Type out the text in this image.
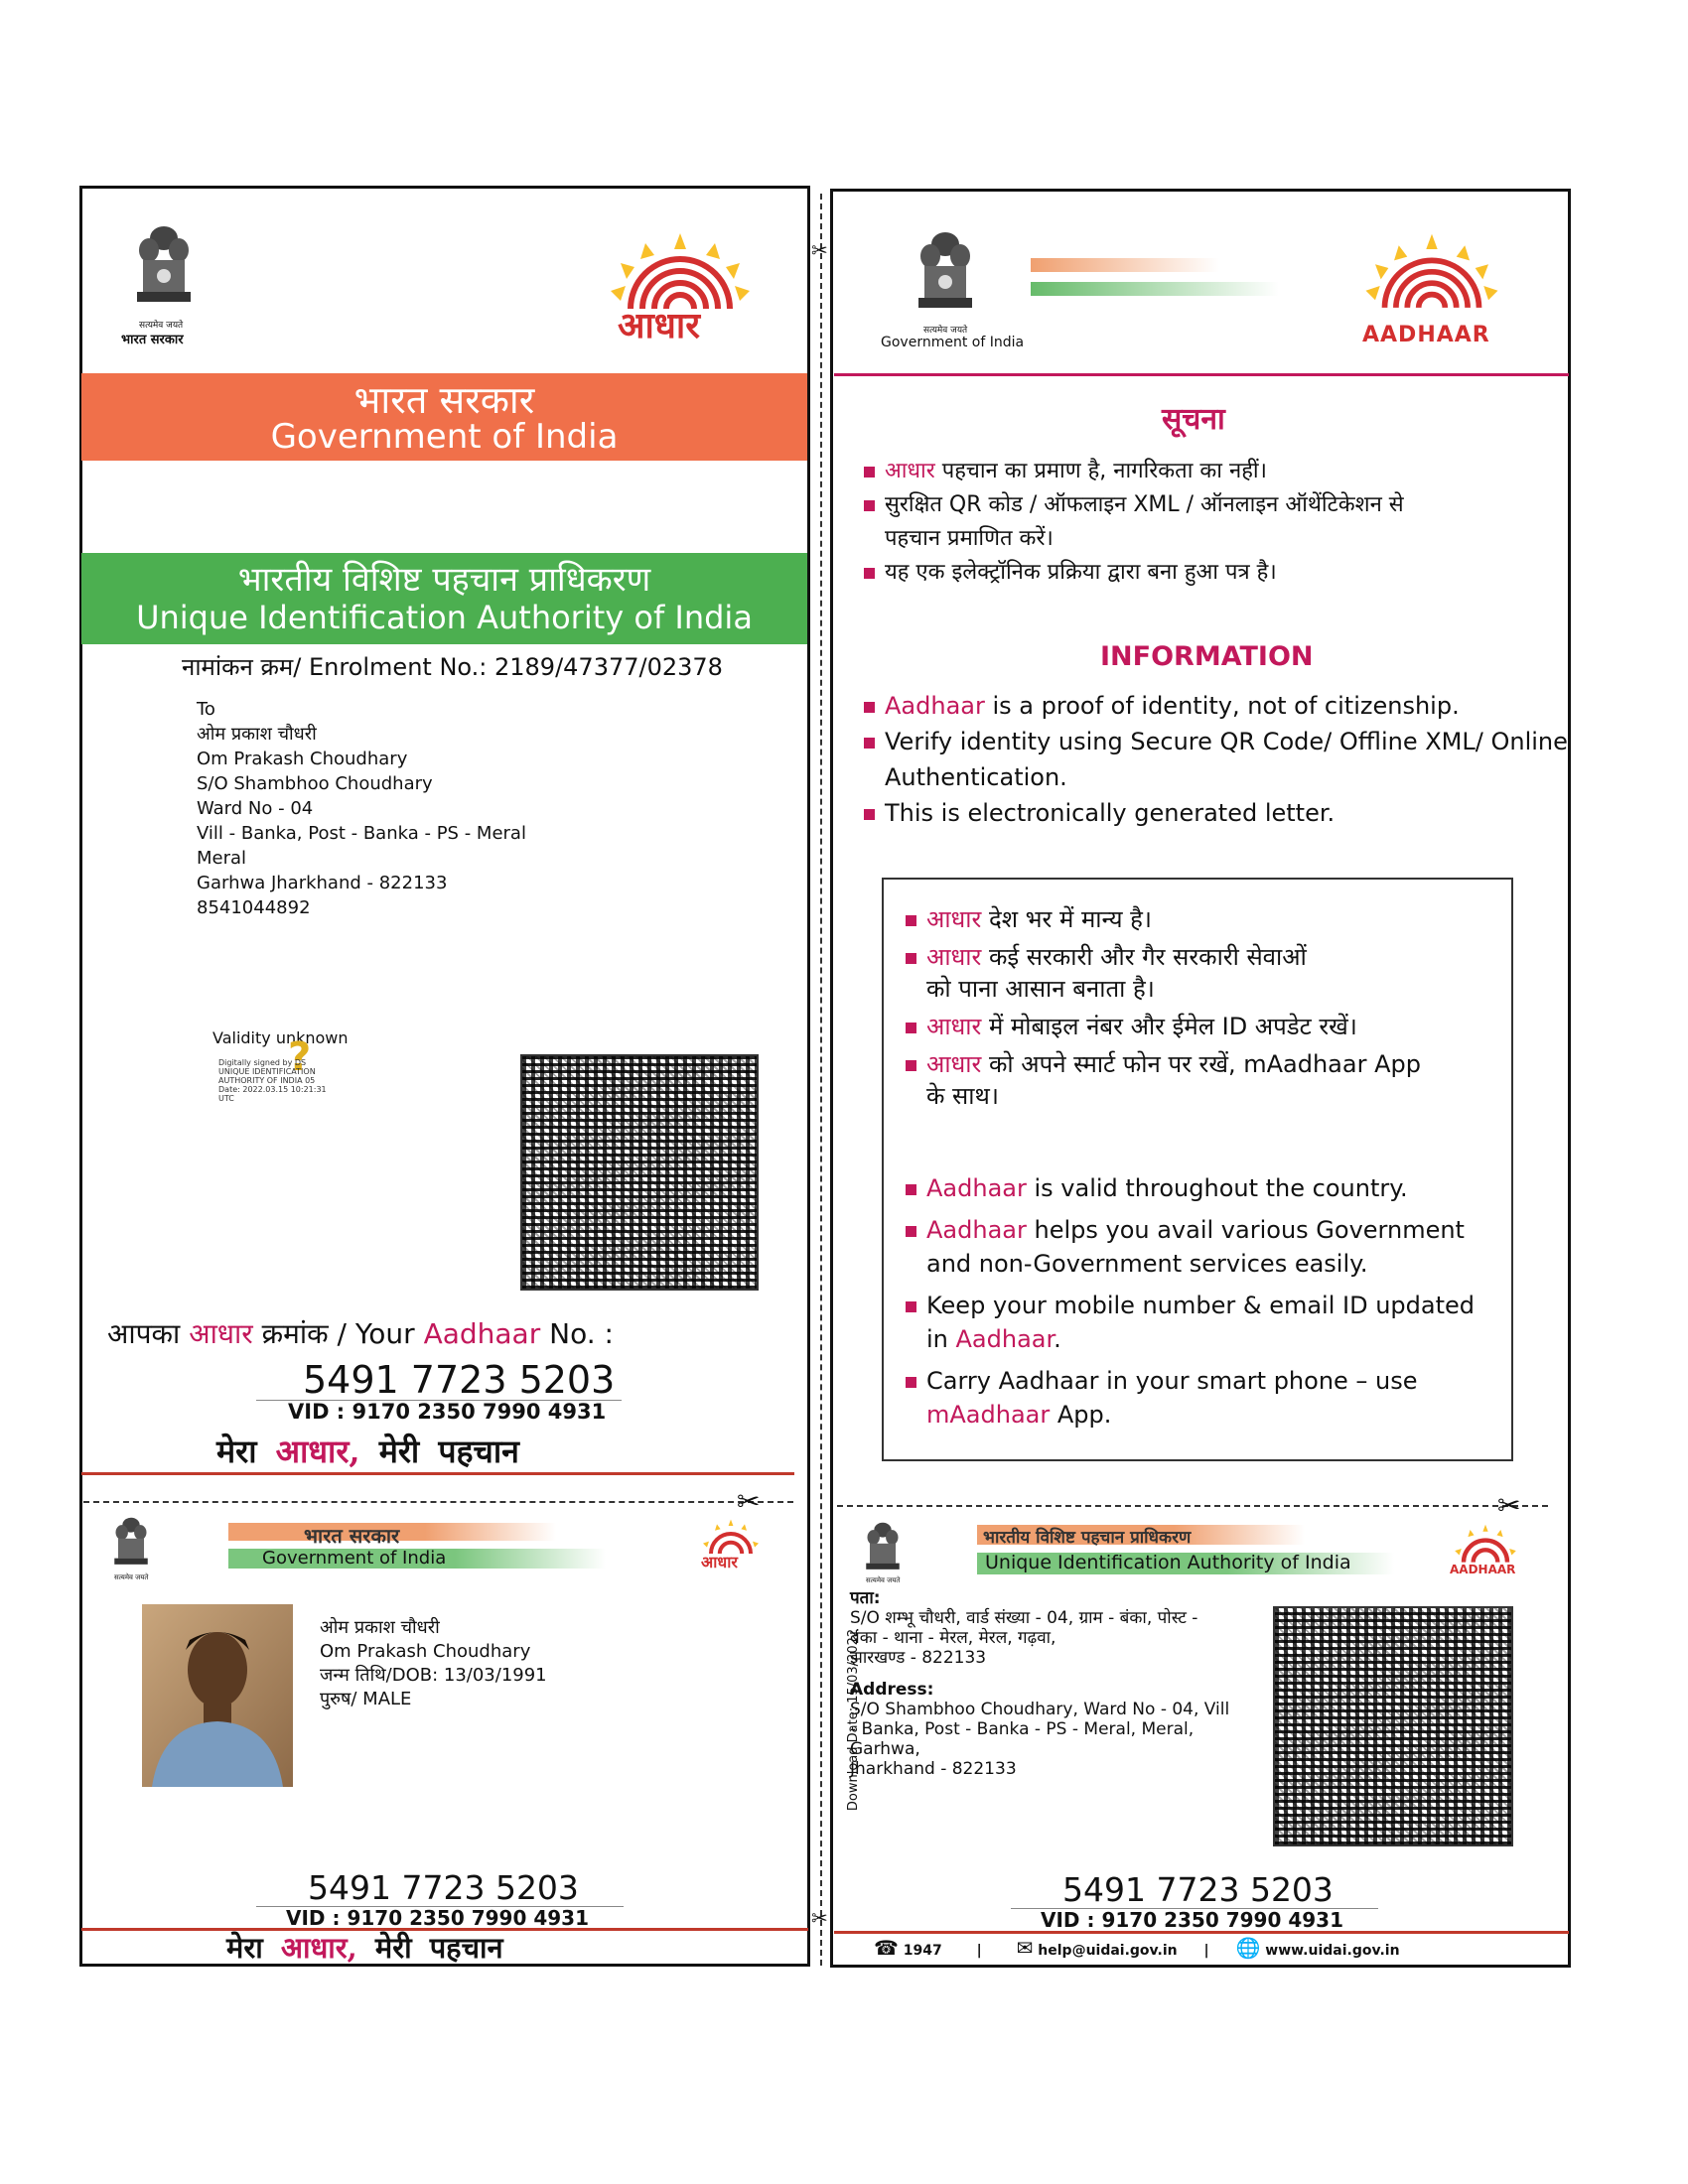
✂
✂
सत्यमेव जयते
भारत सरकार	आधार
भारत सरकार
Government of India
भारतीय विशिष्ट पहचान प्राधिकरण
Unique Identification Authority of India
नामांकन क्रम/ Enrolment No.: 2189/47377/02378
To
ओम प्रकाश चौधरी
Om Prakash Choudhary
S/O Shambhoo Choudhary
Ward No - 04
Vill - Banka, Post - Banka - PS - Meral
Meral
Garhwa Jharkhand - 822133
8541044892
Validity unknown
?
Digitally signed by DS
UNIQUE IDENTIFICATION
AUTHORITY OF INDIA 05
Date: 2022.03.15 10:21:31
UTC
आपका आधार क्रमांक / Your Aadhaar No. :
5491 7723 5203
VID : 9170 2350 7990 4931
मेरा आधार, मेरी पहचान
सत्यमेव जयते
Government of India	AADHAAR
सूचना
आधार पहचान का प्रमाण है, नागरिकता का नहीं।
सुरक्षित QR कोड / ऑफलाइन XML / ऑनलाइन ऑथेंटिकेशन से
पहचान प्रमाणित करें।
यह एक इलेक्ट्रॉनिक प्रक्रिया द्वारा बना हुआ पत्र है।
INFORMATION
Aadhaar is a proof of identity, not of citizenship.
Verify identity using Secure QR Code/ Offline XML/ Online
Authentication.
This is electronically generated letter.
आधार देश भर में मान्य है।
आधार कई सरकारी और गैर सरकारी सेवाओं
को पाना आसान बनाता है।
आधार में मोबाइल नंबर और ईमेल ID अपडेट रखें।
आधार को अपने स्मार्ट फोन पर रखें, mAadhaar App
के साथ।
Aadhaar is valid throughout the country.
Aadhaar helps you avail various Government
and non-Government services easily.
Keep your mobile number & email ID updated
in Aadhaar.
Carry Aadhaar in your smart phone – use
mAadhaar App.
✂	✂
सत्यमेव जयते
भारत सरकार
Government of India	आधार
ओम प्रकाश चौधरी
Om Prakash Choudhary
जन्म तिथि/DOB: 13/03/1991
पुरुष/ MALE
5491 7723 5203
VID : 9170 2350 7990 4931
मेरा आधार, मेरी पहचान
सत्यमेव जयते
भारतीय विशिष्ट पहचान प्राधिकरण
Unique Identification Authority of India	AADHAAR
Download Date: 15/03/2022
पता:
S/O शम्भू चौधरी, वार्ड संख्या - 04, ग्राम - बंका, पोस्ट -
बंका - थाना - मेरल, मेरल, गढ़वा,
झारखण्ड - 822133
Address:
S/O Shambhoo Choudhary, Ward No - 04, Vill
- Banka, Post - Banka - PS - Meral, Meral,
Garhwa,
Jharkhand - 822133
5491 7723 5203
VID : 9170 2350 7990 4931
☎ 1947 | ✉ help@uidai.gov.in | 🌐 www.uidai.gov.in
